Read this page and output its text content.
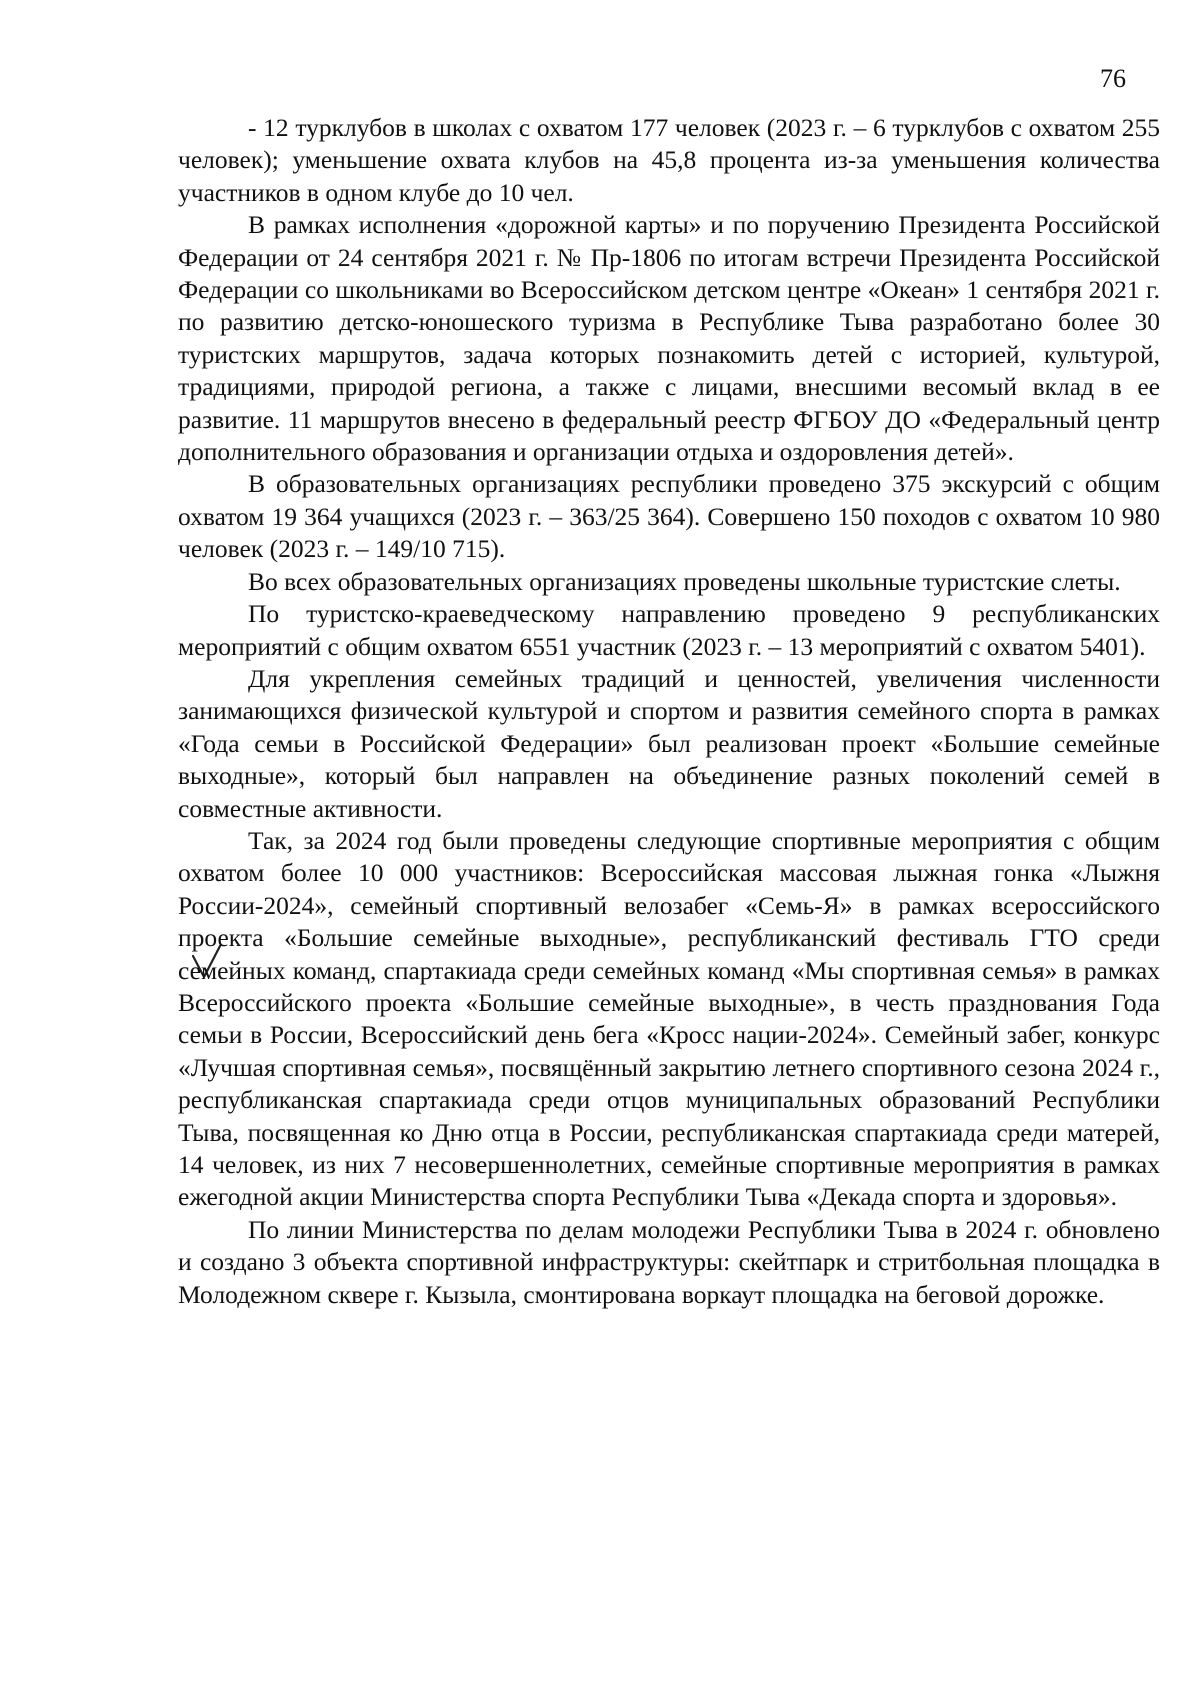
76

- 12 турклубов в школах с охватом 177 человек (2023 г. – 6 турклубов с охватом 255 человек); уменьшение охвата клубов на 45,8 процента из-за уменьшения количества участников в одном клубе до 10 чел.

В рамках исполнения «дорожной карты» и по поручению Президента Российской Федерации от 24 сентября 2021 г. № Пр-1806 по итогам встречи Президента Российской Федерации со школьниками во Всероссийском детском центре «Океан» 1 сентября 2021 г. по развитию детско-юношеского туризма в Республике Тыва разработано более 30 туристских маршрутов, задача которых познакомить детей с историей, культурой, традициями, природой региона, а также с лицами, внесшими весомый вклад в ее развитие. 11 маршрутов внесено в федеральный реестр ФГБОУ ДО «Федеральный центр дополнительного образования и организации отдыха и оздоровления детей».

В образовательных организациях республики проведено 375 экскурсий с общим охватом 19 364 учащихся (2023 г. – 363/25 364). Совершено 150 походов с охватом 10 980 человек (2023 г. – 149/10 715).

Во всех образовательных организациях проведены школьные туристские слеты.

По туристско-краеведческому направлению проведено 9 республиканских мероприятий с общим охватом 6551 участник (2023 г. – 13 мероприятий с охватом 5401).

Для укрепления семейных традиций и ценностей, увеличения численности занимающихся физической культурой и спортом и развития семейного спорта в рамках «Года семьи в Российской Федерации» был реализован проект «Большие семейные выходные», который был направлен на объединение разных поколений семей в совместные активности.

Так, за 2024 год были проведены следующие спортивные мероприятия с общим охватом более 10 000 участников: Всероссийская массовая лыжная гонка «Лыжня России-2024», семейный спортивный велозабег «Семь-Я» в рамках всероссийского проекта «Большие семейные выходные», республиканский фестиваль ГТО среди семейных команд, спартакиада среди семейных команд «Мы спортивная семья» в рамках Всероссийского проекта «Большие семейные выходные», в честь празднования Года семьи в России, Всероссийский день бега «Кросс нации-2024». Семейный забег, конкурс «Лучшая спортивная семья», посвящённый закрытию летнего спортивного сезона 2024 г., республиканская спартакиада среди отцов муниципальных образований Республики Тыва, посвященная ко Дню отца в России, республиканская спартакиада среди матерей, 14 человек, из них 7 несовершеннолетних, семейные спортивные мероприятия в рамках ежегодной акции Министерства спорта Республики Тыва «Декада спорта и здоровья».

По линии Министерства по делам молодежи Республики Тыва в 2024 г. обновлено и создано 3 объекта спортивной инфраструктуры: скейтпарк и стритбольная площадка в Молодежном сквере г. Кызыла, смонтирована воркаут площадка на беговой дорожке.
